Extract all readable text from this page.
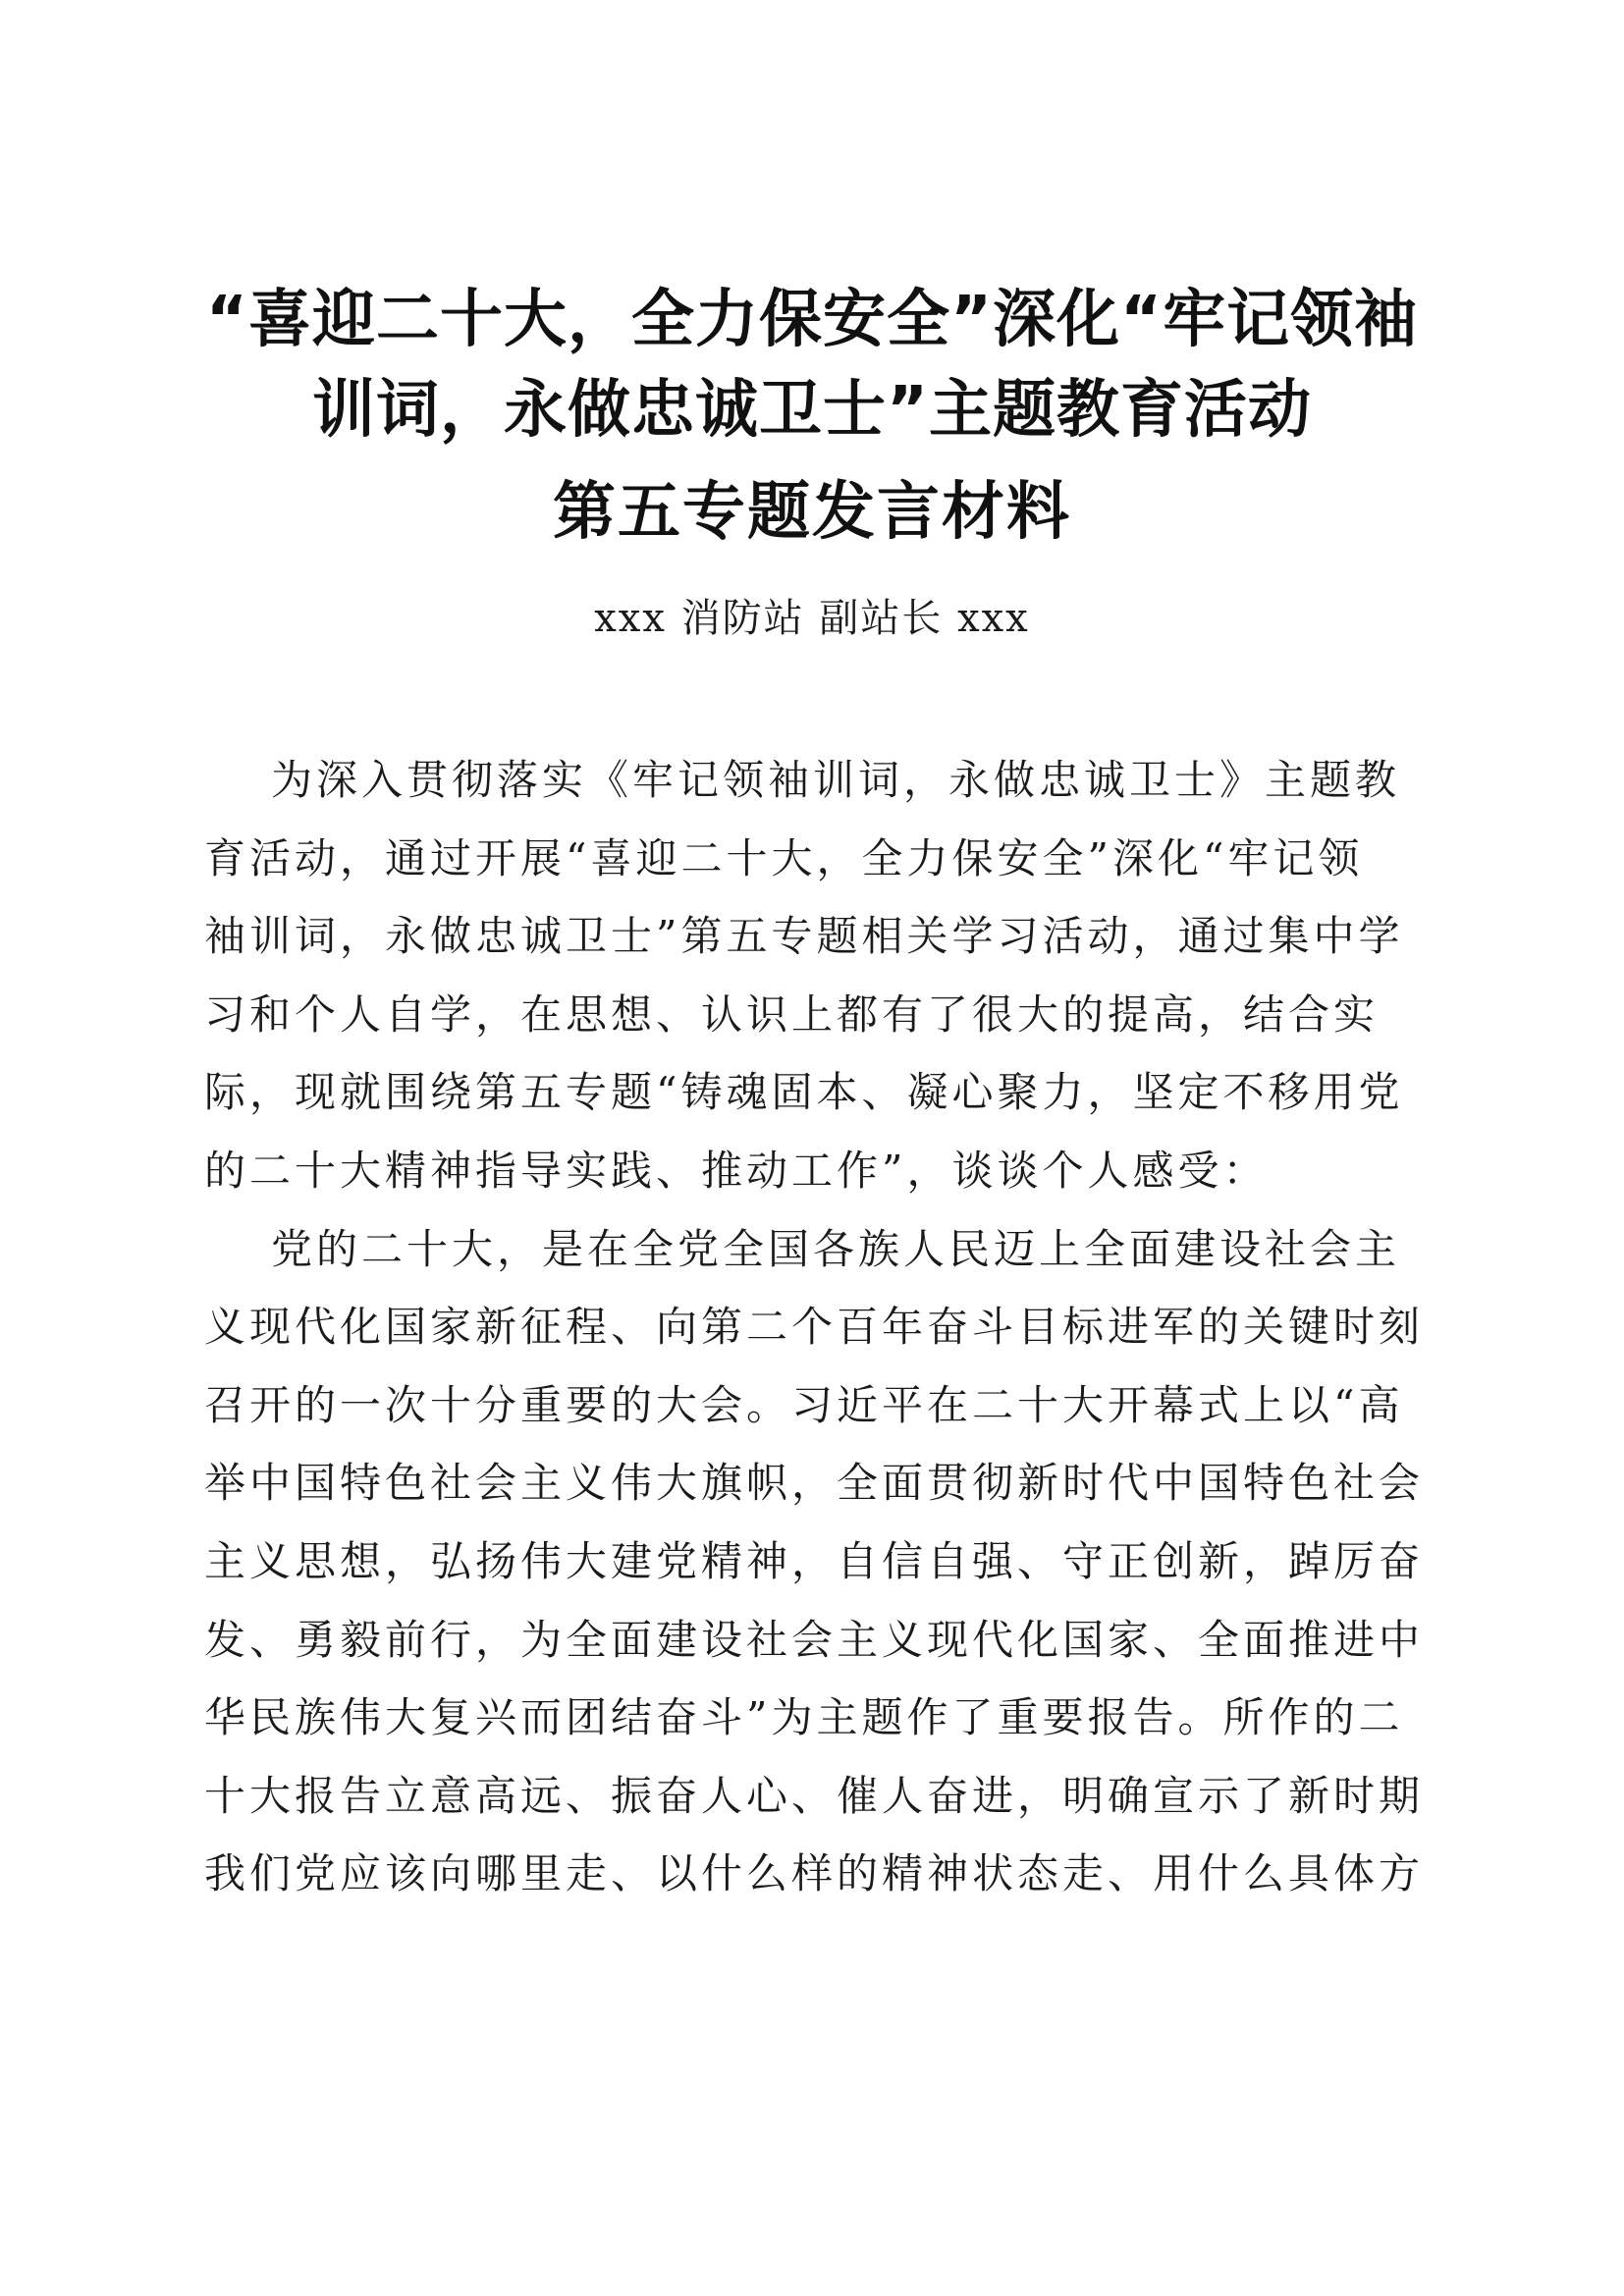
“喜迎二十大，全力保安全”深化“牢记领袖
训词，永做忠诚卫士”主题教育活动
第五专题发言材料
xxx 消防站 副站长 xxx

为深入贯彻落实《牢记领袖训词，永做忠诚卫士》主题教
育活动，通过开展“喜迎二十大，全力保安全”深化“牢记领
袖训词，永做忠诚卫士”第五专题相关学习活动，通过集中学
习和个人自学，在思想、认识上都有了很大的提高，结合实
际，现就围绕第五专题“铸魂固本、凝心聚力，坚定不移用党
的二十大精神指导实践、推动工作”，谈谈个人感受：

党的二十大，是在全党全国各族人民迈上全面建设社会主
义现代化国家新征程、向第二个百年奋斗目标进军的关键时刻
召开的一次十分重要的大会。习近平在二十大开幕式上以“高
举中国特色社会主义伟大旗帜，全面贯彻新时代中国特色社会
主义思想，弘扬伟大建党精神，自信自强、守正创新，踔厉奋
发、勇毅前行，为全面建设社会主义现代化国家、全面推进中
华民族伟大复兴而团结奋斗”为主题作了重要报告。所作的二
十大报告立意高远、振奋人心、催人奋进，明确宣示了新时期
我们党应该向哪里走、以什么样的精神状态走、用什么具体方
